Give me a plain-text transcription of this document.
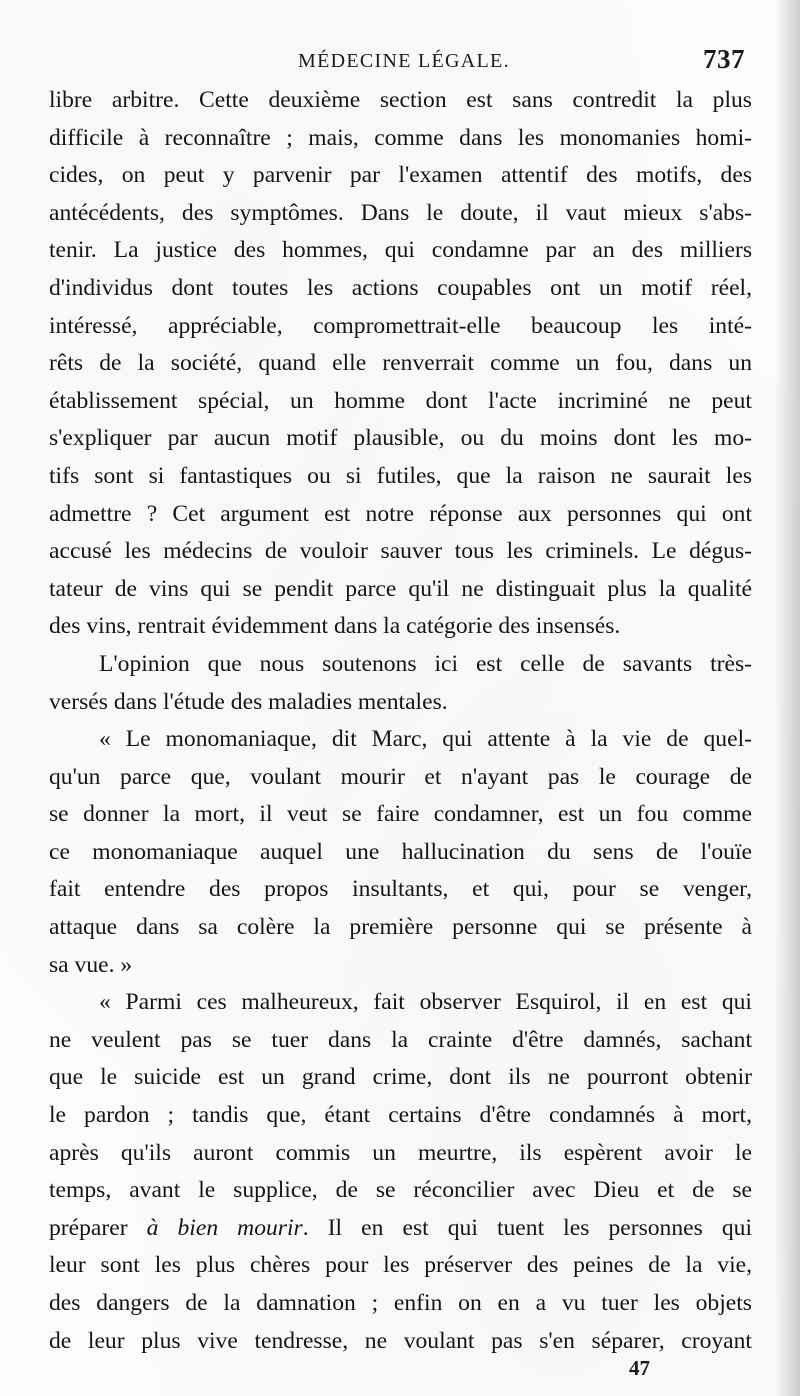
MÉDECINE LÉGALE.	737
libre arbitre. Cette deuxième section est sans contredit la plus
difficile à reconnaître ; mais, comme dans les monomanies homi-
cides, on peut y parvenir par l'examen attentif des motifs, des
antécédents, des symptômes. Dans le doute, il vaut mieux s'abs-
tenir. La justice des hommes, qui condamne par an des milliers
d'individus dont toutes les actions coupables ont un motif réel,
intéressé, appréciable, compromettrait-elle beaucoup les inté-
rêts de la société, quand elle renverrait comme un fou, dans un
établissement spécial, un homme dont l'acte incriminé ne peut
s'expliquer par aucun motif plausible, ou du moins dont les mo-
tifs sont si fantastiques ou si futiles, que la raison ne saurait les
admettre ? Cet argument est notre réponse aux personnes qui ont
accusé les médecins de vouloir sauver tous les criminels. Le dégus-
tateur de vins qui se pendit parce qu'il ne distinguait plus la qualité
des vins, rentrait évidemment dans la catégorie des insensés.
L'opinion que nous soutenons ici est celle de savants très-
versés dans l'étude des maladies mentales.
« Le monomaniaque, dit Marc, qui attente à la vie de quel-
qu'un parce que, voulant mourir et n'ayant pas le courage de
se donner la mort, il veut se faire condamner, est un fou comme
ce monomaniaque auquel une hallucination du sens de l'ouïe
fait entendre des propos insultants, et qui, pour se venger,
attaque dans sa colère la première personne qui se présente à
sa vue. »
« Parmi ces malheureux, fait observer Esquirol, il en est qui
ne veulent pas se tuer dans la crainte d'être damnés, sachant
que le suicide est un grand crime, dont ils ne pourront obtenir
le pardon ; tandis que, étant certains d'être condamnés à mort,
après qu'ils auront commis un meurtre, ils espèrent avoir le
temps, avant le supplice, de se réconcilier avec Dieu et de se
préparer à bien mourir. Il en est qui tuent les personnes qui
leur sont les plus chères pour les préserver des peines de la vie,
des dangers de la damnation ; enfin on en a vu tuer les objets
de leur plus vive tendresse, ne voulant pas s'en séparer, croyant
47
